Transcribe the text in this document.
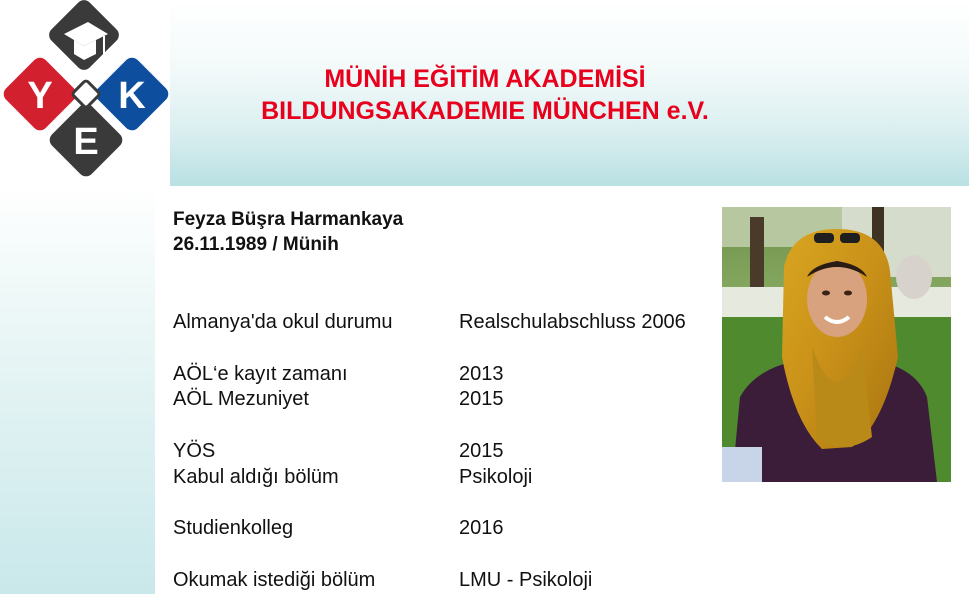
Y K
E
MÜNİH EĞİTİM AKADEMİSİ
BILDUNGSAKADEMIE MÜNCHEN e.V.
Feyza Büşra Harmankaya
26.11.1989 / Münih
Almanya'da okul durumu	Realschulabschluss 2006
AÖL‘e kayıt zamanı	2013
AÖL Mezuniyet	2015
YÖS	2015
Kabul aldığı bölüm	Psikoloji
Studienkolleg	2016
Okumak istediği bölüm	LMU - Psikoloji
